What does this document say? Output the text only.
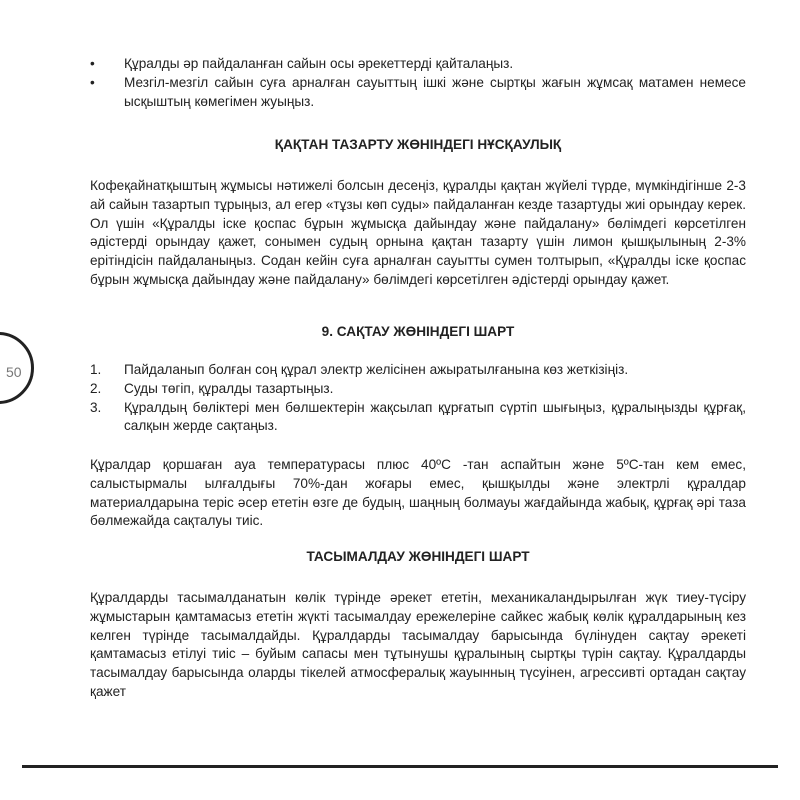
50
• Құралды әр пайдаланған сайын осы әрекеттерді қайталаңыз.
• Мезгіл-мезгіл сайын суға арналған сауыттың ішкі және сыртқы жағын жұмсақ матамен немесе ысқыштың көмегімен жуыңыз.
ҚАҚТАН ТАЗАРТУ ЖӨНІНДЕГІ НҰСҚАУЛЫҚ

Кофеқайнатқыштың жұмысы нәтижелі болсын десеңіз, құралды қақтан жүйелі түрде, мүмкіндігінше 2-3 ай сайын тазартып тұрыңыз, ал егер «тұзы көп суды» пайдаланған кезде тазартуды жиі орындау керек. Ол үшін «Құралды іске қоспас бұрын жұмысқа дайындау және пайдалану» бөлімдегі көрсетілген әдістерді орындау қажет, сонымен судың орнына қақтан тазарту үшін лимон қышқылының 2-3% ерітіндісін пайдаланыңыз. Содан кейін суға арналған сауытты сумен толтырып, «Құралды іске қоспас бұрын жұмысқа дайындау және пайдалану» бөлімдегі көрсетілген әдістерді орындау қажет.

9. САҚТАУ ЖӨНІНДЕГІ ШАРТ
1. Пайдаланып болған соң құрал электр желісінен ажыратылғанына көз жеткізіңіз.
2. Суды төгіп, құралды тазартыңыз.
3. Құралдың бөліктері мен бөлшектерін жақсылап құрғатып сүртіп шығыңыз, құралыңызды құрғақ, салқын жерде сақтаңыз.

Құралдар қоршаған ауа температурасы плюс 40ºС -тан аспайтын және 5ºС-тан кем емес, салыстырмалы ылғалдығы 70%-дан жоғары емес, қышқылды және электрлі құралдар материалдарына теріс әсер ететін өзге де будың, шаңның болмауы жағдайында жабық, құрғақ әрі таза бөлмежайда сақталуы тиіс.

ТАСЫМАЛДАУ ЖӨНІНДЕГІ ШАРТ

Құралдарды тасымалданатын көлік түрінде әрекет ететін, механикаландырылған жүк тиеу-түсіру жұмыстарын қамтамасыз ететін жүкті тасымалдау ережелеріне сайкес жабық көлік құралдарының кез келген түрінде тасымалдайды. Құралдарды тасымалдау барысында бүлінуден сақтау әрекеті қамтамасыз етілуі тиіс – буйым сапасы мен тұтынушы құралының сыртқы түрін сақтау. Құралдарды тасымалдау барысында оларды тікелей атмосфералық жауынның түсуінен, агрессивті ортадан сақтау қажет
